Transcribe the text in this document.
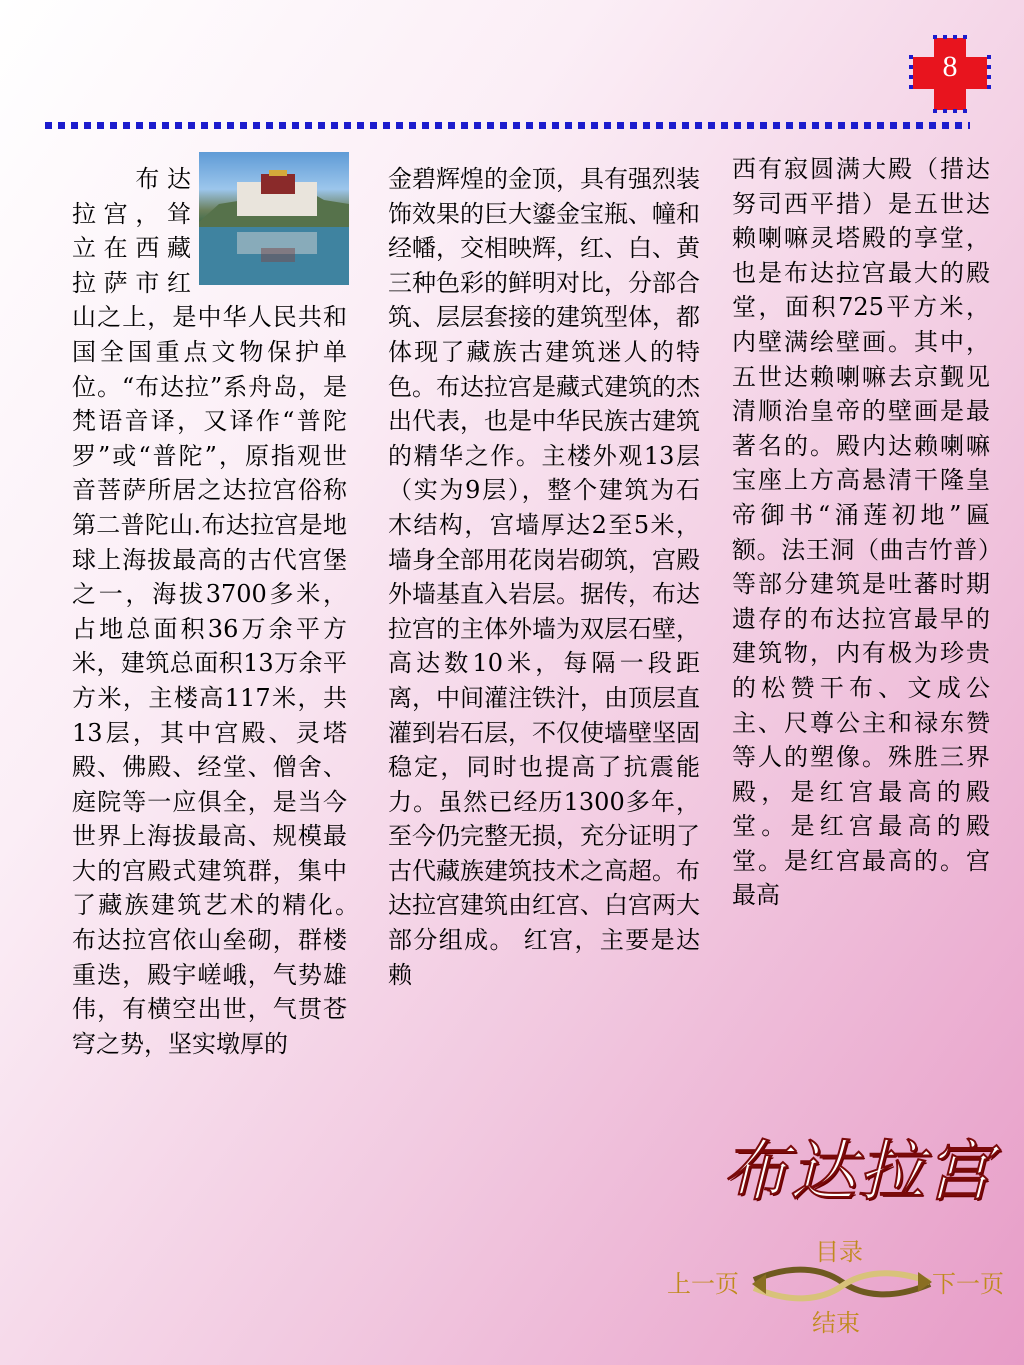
8

　　布达拉宫，耸立在西藏拉萨市红山之上，是中华人民共和国全国重点文物保护单位。“布达拉”系舟岛，是梵语音译，又译作“普陀罗”或“普陀”，原指观世音菩萨所居之达拉宫俗称第二普陀山.布达拉宫是地球上海拔最高的古代宫堡之一，海拔3700多米，占地总面积36万余平方米，建筑总面积13万余平方米，主楼高117米，共13层，其中宫殿、灵塔殿、佛殿、经堂、僧舍、庭院等一应俱全，是当今世界上海拔最高、规模最大的宫殿式建筑群，集中了藏族建筑艺术的精化。　布达拉宫依山垒砌，群楼重迭，殿宇嵯峨，气势雄伟，有横空出世，气贯苍穹之势，坚实墩厚的

金碧辉煌的金顶，具有强烈装饰效果的巨大鎏金宝瓶、幢和经幡，交相映辉，红、白、黄三种色彩的鲜明对比，分部合筑、层层套接的建筑型体，都体现了藏族古建筑迷人的特色。布达拉宫是藏式建筑的杰出代表，也是中华民族古建筑的精华之作。主楼外观13层（实为9层），整个建筑为石木结构，宫墙厚达2至5米，墙身全部用花岗岩砌筑，宫殿外墙基直入岩层。据传，布达拉宫的主体外墙为双层石壁，高达数10米，每隔一段距离，中间灌注铁汁，由顶层直灌到岩石层，不仅使墙壁坚固稳定，同时也提高了抗震能力。虽然已经历1300多年，至今仍完整无损，充分证明了古代藏族建筑技术之高超。布达拉宫建筑由红宫、白宫两大部分组成。 红宫，主要是达赖

西有寂圆满大殿（措达努司西平措）是五世达赖喇嘛灵塔殿的享堂，也是布达拉宫最大的殿堂，面积725平方米，内壁满绘壁画。其中，五世达赖喇嘛去京觐见清顺治皇帝的壁画是最著名的。殿内达赖喇嘛宝座上方高悬清干隆皇帝御书“涌莲初地”匾额。法王洞（曲吉竹普）等部分建筑是吐蕃时期遗存的布达拉宫最早的建筑物，内有极为珍贵的松赞干布、文成公主、尺尊公主和禄东赞等人的塑像。殊胜三界殿，是红宫最高的殿堂。是红宫最高的殿堂。是红宫最高的。宫最高

布达拉宫
目录
上一页	下一页
结束
